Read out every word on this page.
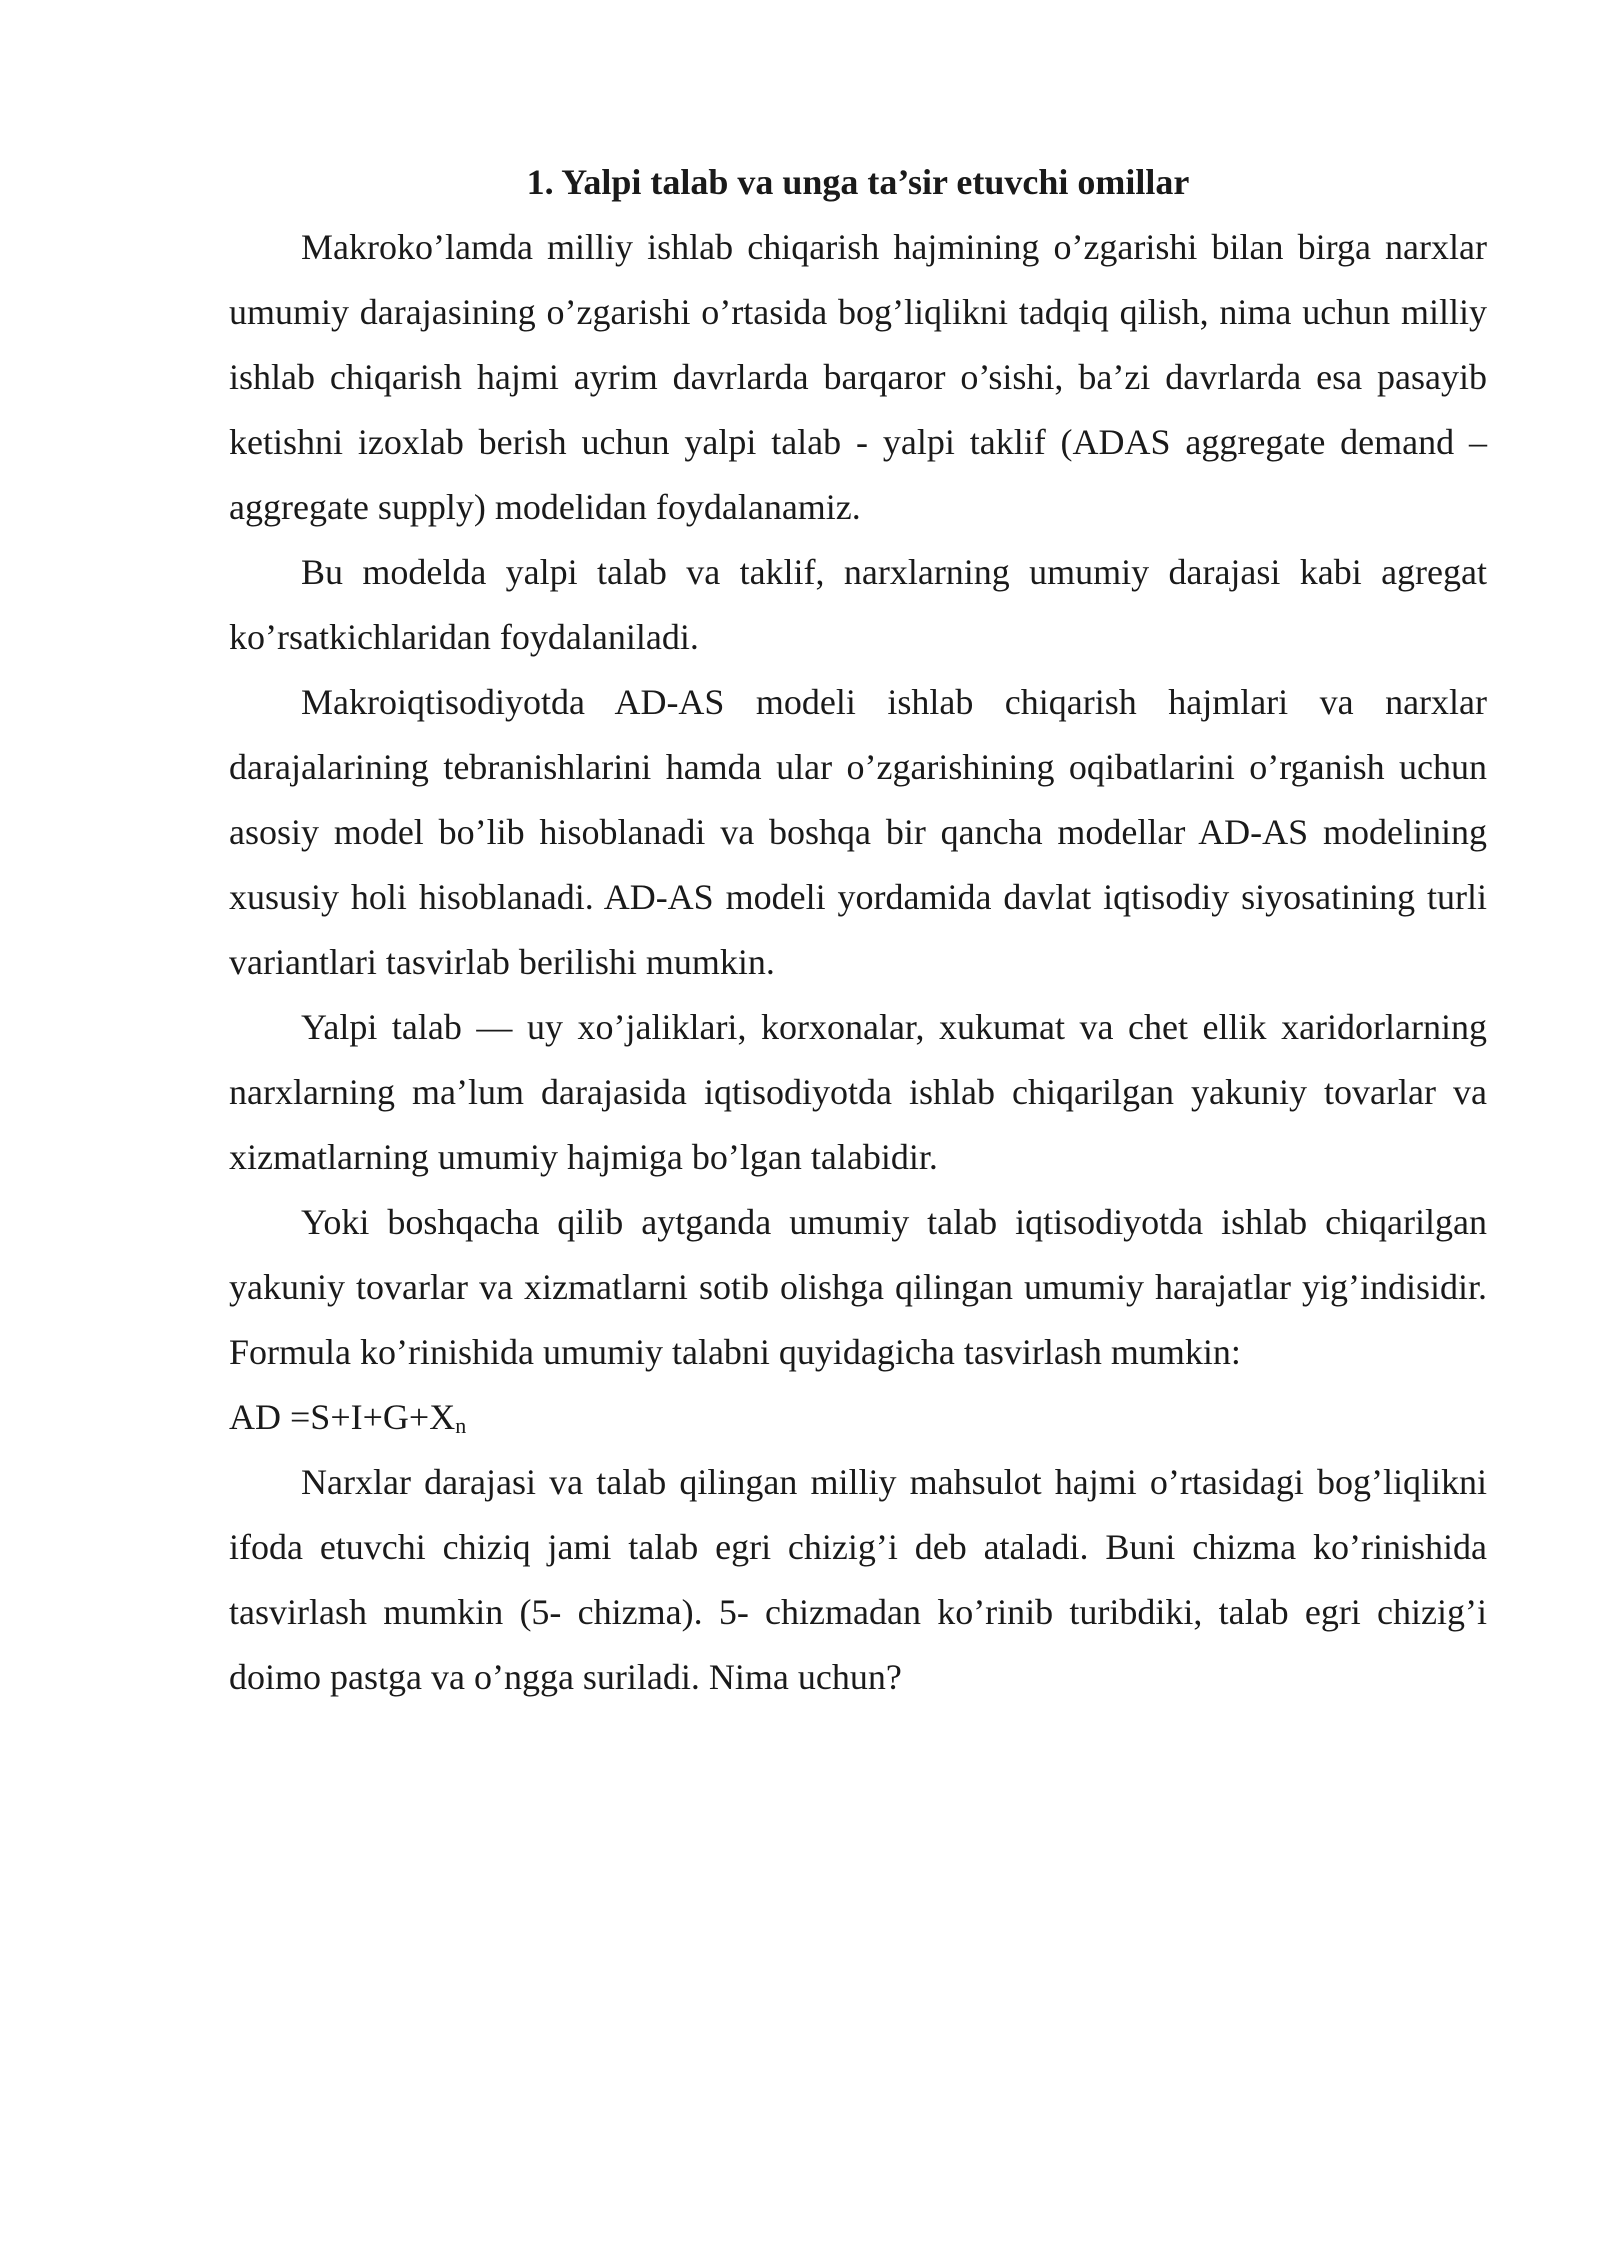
1. Yalpi talab va unga ta’sir etuvchi omillar

Makroko’lamda milliy ishlab chiqarish hajmining o’zgarishi bilan birga narxlar umumiy darajasining o’zgarishi o’rtasida bog’liqlikni tadqiq qilish, nima uchun milliy ishlab chiqarish hajmi ayrim davrlarda barqaror o’sishi, ba’zi davrlarda esa pasayib ketishni izoxlab berish uchun yalpi talab - yalpi taklif (ADAS aggregate demand – aggregate supply) modelidan foydalanamiz.

Bu modelda yalpi talab va taklif, narxlarning umumiy darajasi kabi agregat ko’rsatkichlaridan foydalaniladi.

Makroiqtisodiyotda AD-AS modeli ishlab chiqarish hajmlari va narxlar darajalarining tebranishlarini hamda ular o’zgarishining oqibatlarini o’rganish uchun asosiy model bo’lib hisoblanadi va boshqa bir qancha modellar AD-AS modelining xususiy holi hisoblanadi. AD-AS modeli yordamida davlat iqtisodiy siyosatining turli variantlari tasvirlab berilishi mumkin.

Yalpi talab — uy xo’jaliklari, korxonalar, xukumat va chet ellik xaridorlarning narxlarning ma’lum darajasida iqtisodiyotda ishlab chiqarilgan yakuniy tovarlar va xizmatlarning umumiy hajmiga bo’lgan talabidir.

Yoki boshqacha qilib aytganda umumiy talab iqtisodiyotda ishlab chiqarilgan yakuniy tovarlar va xizmatlarni sotib olishga qilingan umumiy harajatlar yig’indisidir. Formula ko’rinishida umumiy talabni quyidagicha tasvirlash mumkin:

AD $=S+I+G+X_n$

Narxlar darajasi va talab qilingan milliy mahsulot hajmi o’rtasidagi bog’liqlikni ifoda etuvchi chiziq jami talab egri chizig’i deb ataladi. Buni chizma ko’rinishida tasvirlash mumkin (5- chizma). 5- chizmadan ko’rinib turibdiki, talab egri chizig’i doimo pastga va o’ngga suriladi. Nima uchun?
